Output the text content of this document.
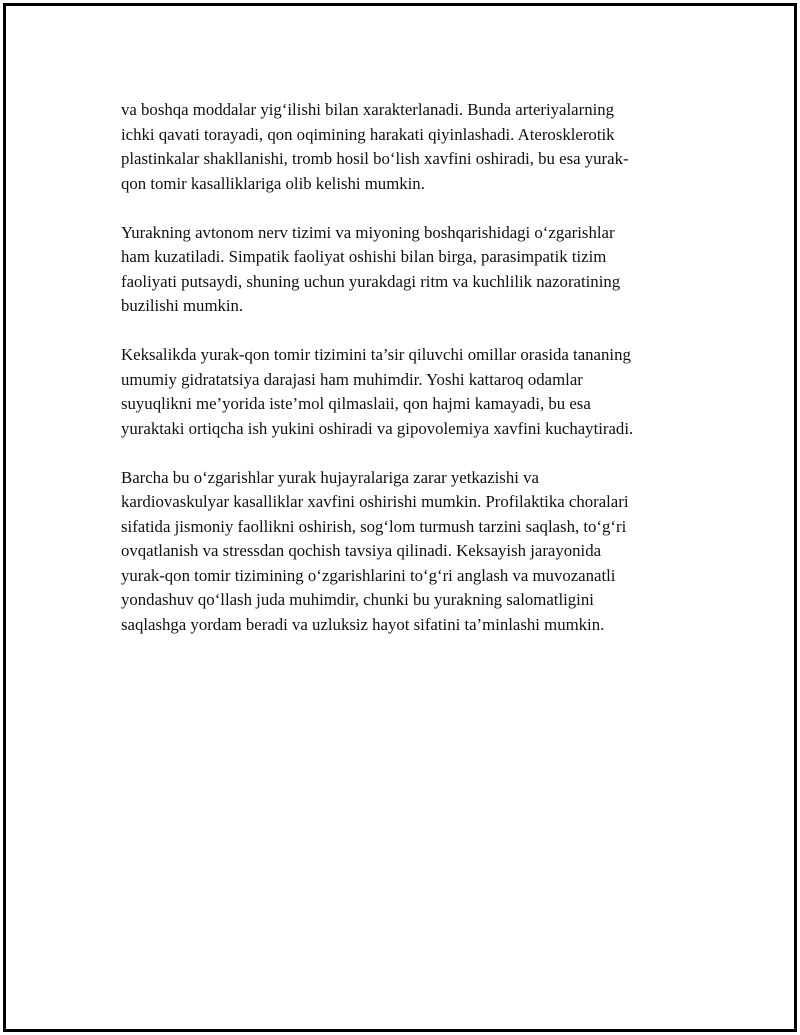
va boshqa moddalar yig‘ilishi bilan xarakterlanadi. Bunda arteriyalarning
ichki qavati torayadi, qon oqimining harakati qiyinlashadi. Aterosklerotik
plastinkalar shakllanishi, tromb hosil bo‘lish xavfini oshiradi, bu esa yurak-
qon tomir kasalliklariga olib kelishi mumkin.

Yurakning avtonom nerv tizimi va miyoning boshqarishidagi o‘zgarishlar
ham kuzatiladi. Simpatik faoliyat oshishi bilan birga, parasimpatik tizim
faoliyati putsaydi, shuning uchun yurakdagi ritm va kuchlilik nazoratining
buzilishi mumkin.

Keksalikda yurak-qon tomir tizimini ta’sir qiluvchi omillar orasida tananing
umumiy gidratatsiya darajasi ham muhimdir. Yoshi kattaroq odamlar
suyuqlikni me’yorida iste’mol qilmaslaii, qon hajmi kamayadi, bu esa
yuraktaki ortiqcha ish yukini oshiradi va gipovolemiya xavfini kuchaytiradi.

Barcha bu o‘zgarishlar yurak hujayralariga zarar yetkazishi va
kardiovaskulyar kasalliklar xavfini oshirishi mumkin. Profilaktika choralari
sifatida jismoniy faollikni oshirish, sog‘lom turmush tarzini saqlash, to‘g‘ri
ovqatlanish va stressdan qochish tavsiya qilinadi. Keksayish jarayonida
yurak-qon tomir tizimining o‘zgarishlarini to‘g‘ri anglash va muvozanatli
yondashuv qo‘llash juda muhimdir, chunki bu yurakning salomatligini
saqlashga yordam beradi va uzluksiz hayot sifatini ta’minlashi mumkin.
